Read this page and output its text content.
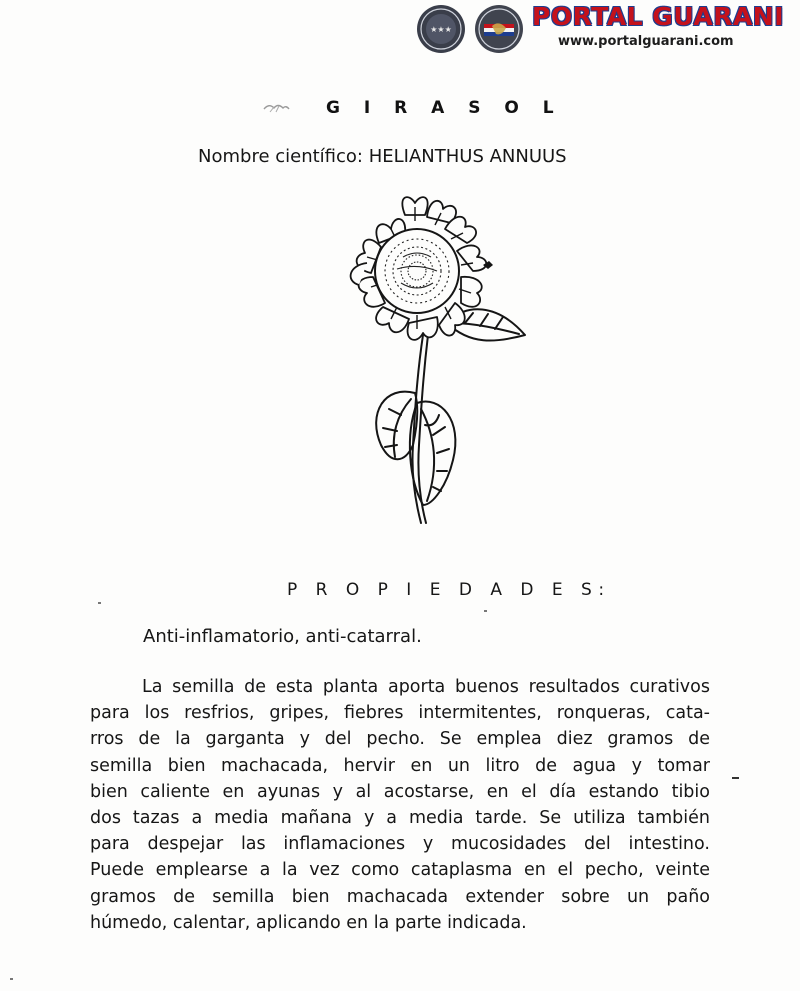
★★★	PORTAL GUARANI
www.portalguarani.com
G I R A S O L
Nombre científico: HELIANTHUS ANNUUS
P R O P I E D A D E S:
Anti-inflamatorio, anti-catarral.
La semilla de esta planta aporta buenos resultados curativos
para los resfrios, gripes, fiebres intermitentes, ronqueras, cata-
rros de la garganta y del pecho. Se emplea diez gramos de
semilla bien machacada, hervir en un litro de agua y tomar
bien caliente en ayunas y al acostarse, en el día estando tibio
dos tazas a media mañana y a media tarde. Se utiliza también
para despejar las inflamaciones y mucosidades del intestino.
Puede emplearse a la vez como cataplasma en el pecho, veinte
gramos de semilla bien machacada extender sobre un paño
húmedo, calentar, aplicando en la parte indicada.
